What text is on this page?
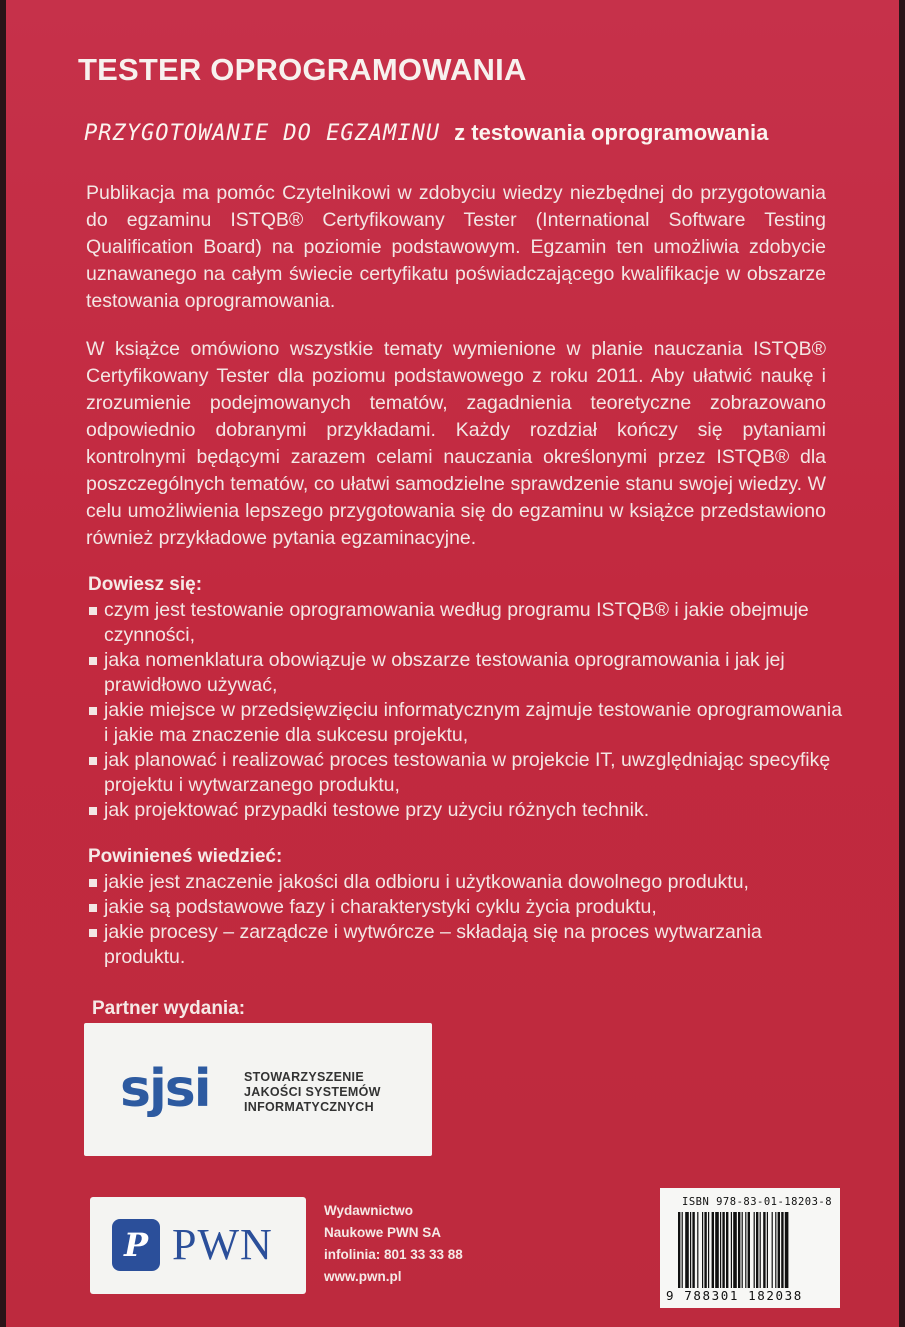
TESTER OPROGRAMOWANIA
PRZYGOTOWANIE DO EGZAMINU z testowania oprogramowania

Publikacja ma pomóc Czytelnikowi w zdobyciu wiedzy niezbędnej do przygotowania do egzaminu ISTQB® Certyfikowany Tester (International Software Testing Qualification Board) na poziomie podstawowym. Egzamin ten umożliwia zdobycie uznawanego na całym świecie certyfikatu poświadczającego kwalifikacje w obszarze testowania oprogramowania.

W książce omówiono wszystkie tematy wymienione w planie nauczania ISTQB® Certyfikowany Tester dla poziomu podstawowego z roku 2011. Aby ułatwić naukę i zrozumienie podejmowanych tematów, zagadnienia teoretyczne zobrazowano odpowiednio dobranymi przykładami. Każdy rozdział kończy się pytaniami kontrolnymi będącymi zarazem celami nauczania określonymi przez ISTQB® dla poszczególnych tematów, co ułatwi samodzielne sprawdzenie stanu swojej wiedzy. W celu umożliwienia lepszego przygotowania się do egzaminu w książce przedstawiono również przykładowe pytania egzaminacyjne.

Dowiesz się:
czym jest testowanie oprogramowania według programu ISTQB® i jakie obejmuje czynności,
jaka nomenklatura obowiązuje w obszarze testowania oprogramowania i jak jej prawidłowo używać,
jakie miejsce w przedsięwzięciu informatycznym zajmuje testowanie oprogramowania i jakie ma znaczenie dla sukcesu projektu,
jak planować i realizować proces testowania w projekcie IT, uwzględniając specyfikę projektu i wytwarzanego produktu,
jak projektować przypadki testowe przy użyciu różnych technik.
Powinieneś wiedzieć:
jakie jest znaczenie jakości dla odbioru i użytkowania dowolnego produktu,
jakie są podstawowe fazy i charakterystyki cyklu życia produktu,
jakie procesy – zarządcze i wytwórcze – składają się na proces wytwarzania produktu.
Partner wydania:
sjsi	STOWARZYSZENIE
JAKOŚCI SYSTEMÓW
INFORMATYCZNYCH
P PWN
Wydawnictwo
Naukowe PWN SA
infolinia: 801 33 33 88
www.pwn.pl
ISBN 978-83-01-18203-8
9 788301 182038
